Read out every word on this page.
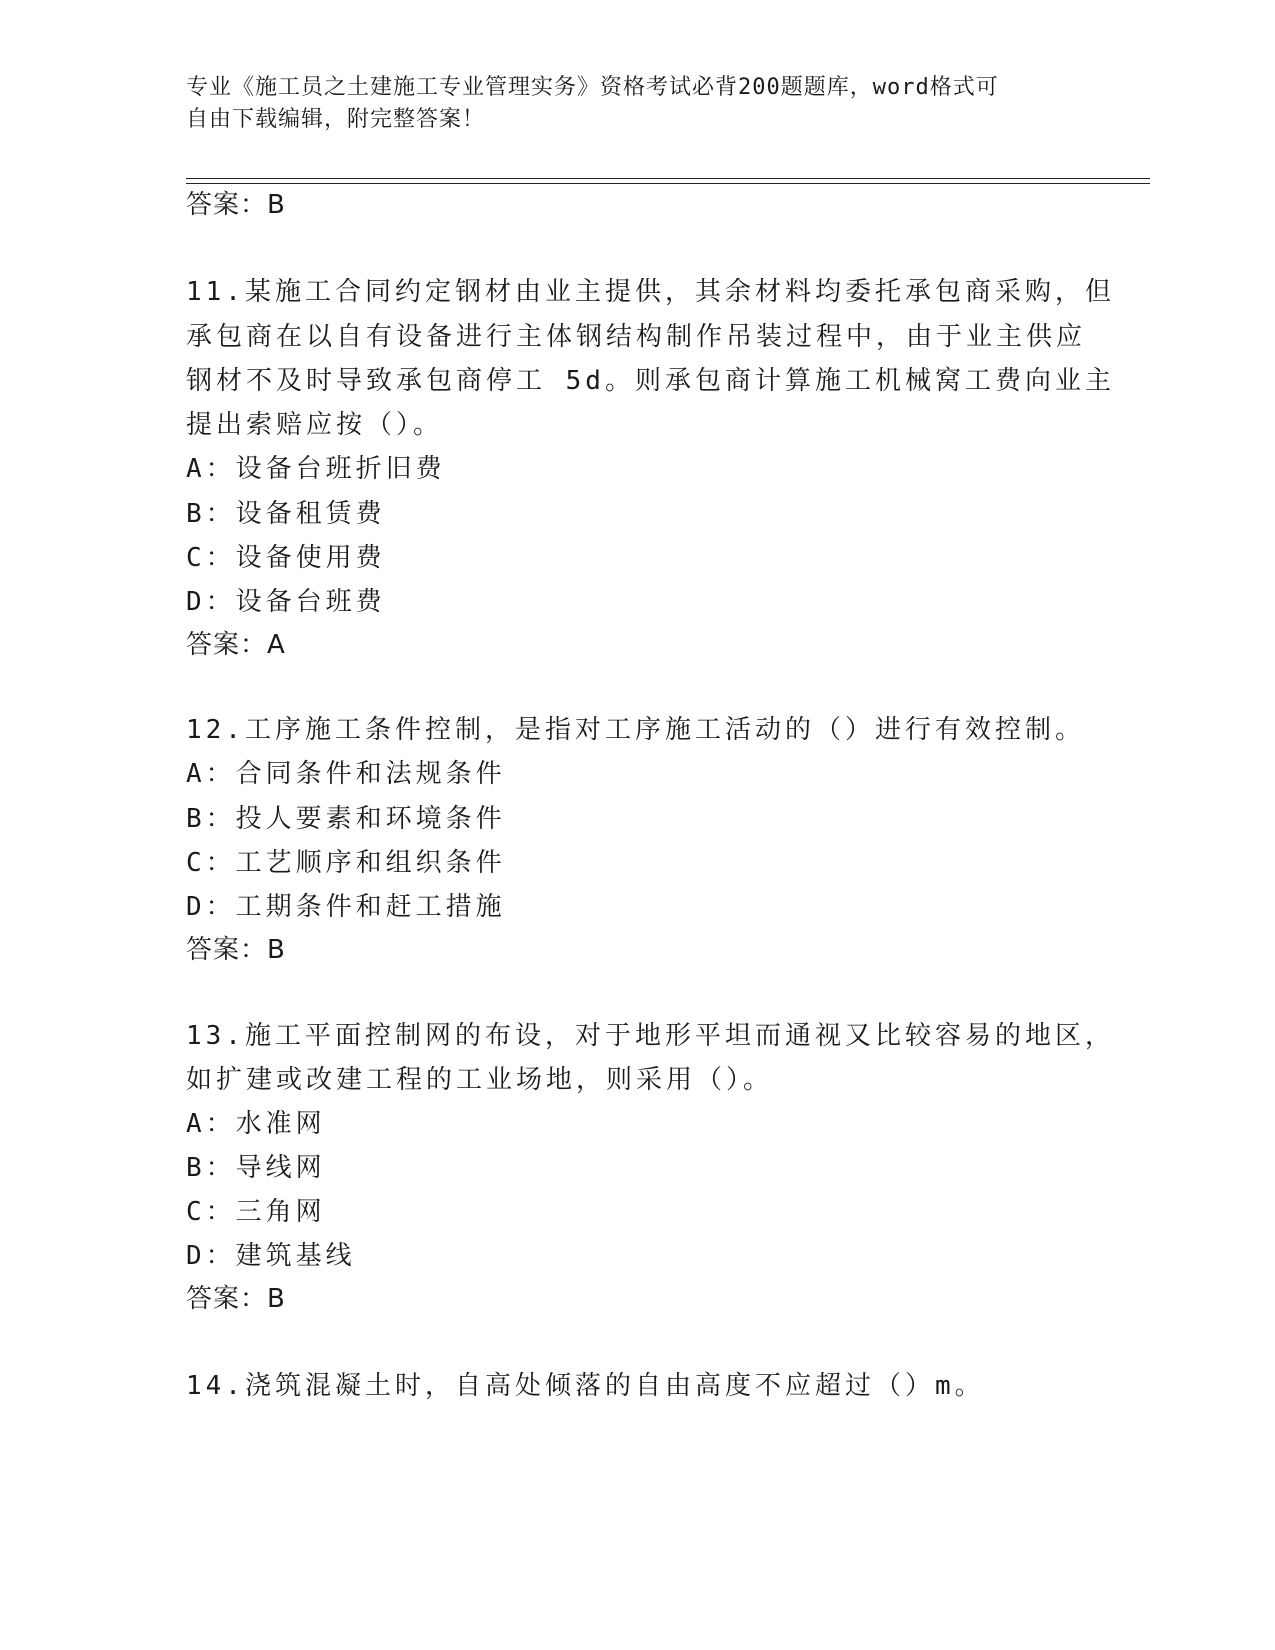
专业《施工员之土建施工专业管理实务》资格考试必背200题题库，word格式可
自由下载编辑，附完整答案！
答案：B
11.某施工合同约定钢材由业主提供，其余材料均委托承包商采购，但
承包商在以自有设备进行主体钢结构制作吊装过程中，由于业主供应
钢材不及时导致承包商停工 5d。则承包商计算施工机械窝工费向业主
提出索赔应按（）。
A：设备台班折旧费
B：设备租赁费
C：设备使用费
D：设备台班费
答案：A
12.工序施工条件控制，是指对工序施工活动的（）进行有效控制。
A：合同条件和法规条件
B：投人要素和环境条件
C：工艺顺序和组织条件
D：工期条件和赶工措施
答案：B
13.施工平面控制网的布设，对于地形平坦而通视又比较容易的地区，
如扩建或改建工程的工业场地，则采用（）。
A：水准网
B：导线网
C：三角网
D：建筑基线
答案：B
14.浇筑混凝土时，自高处倾落的自由高度不应超过（）m。
